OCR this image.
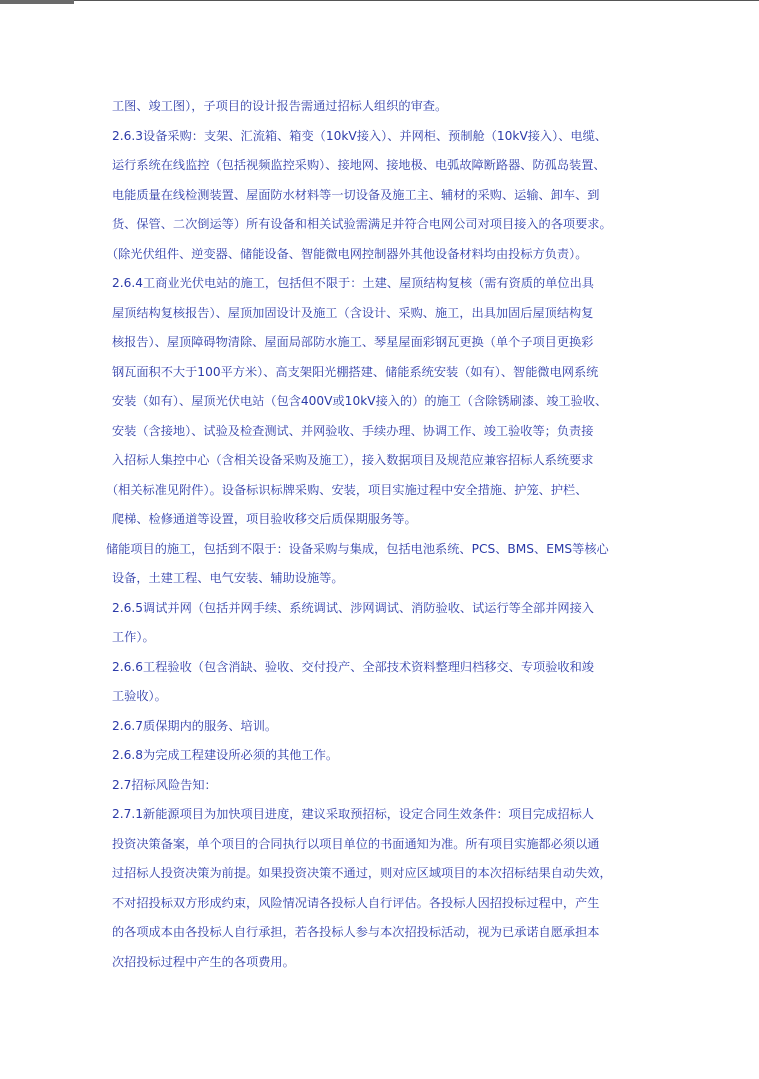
工图、竣工图），子项目的设计报告需通过招标人组织的审查。
2.6.3设备采购：支架、汇流箱、箱变（10kV接入）、并网柜、预制舱（10kV接入）、电缆、
运行系统在线监控（包括视频监控采购）、接地网、接地极、电弧故障断路器、防孤岛装置、
电能质量在线检测装置、屋面防水材料等一切设备及施工主、辅材的采购、运输、卸车、到
货、保管、二次倒运等）所有设备和相关试验需满足并符合电网公司对项目接入的各项要求。
（除光伏组件、逆变器、储能设备、智能微电网控制器外其他设备材料均由投标方负责）。
2.6.4工商业光伏电站的施工，包括但不限于：土建、屋顶结构复核（需有资质的单位出具
屋顶结构复核报告）、屋顶加固设计及施工（含设计、采购、施工，出具加固后屋顶结构复
核报告）、屋顶障碍物清除、屋面局部防水施工、琴星屋面彩钢瓦更换（单个子项目更换彩
钢瓦面积不大于100平方米）、高支架阳光棚搭建、储能系统安装（如有）、智能微电网系统
安装（如有）、屋顶光伏电站（包含400V或10kV接入的）的施工（含除锈刷漆、竣工验收、
安装（含接地）、试验及检查测试、并网验收、手续办理、协调工作、竣工验收等；负责接
入招标人集控中心（含相关设备采购及施工），接入数据项目及规范应兼容招标人系统要求
（相关标准见附件）。设备标识标牌采购、安装，项目实施过程中安全措施、护笼、护栏、
爬梯、检修通道等设置，项目验收移交后质保期服务等。
储能项目的施工，包括到不限于：设备采购与集成，包括电池系统、PCS、BMS、EMS等核心
设备，土建工程、电气安装、辅助设施等。
2.6.5调试并网（包括并网手续、系统调试、涉网调试、消防验收、试运行等全部并网接入
工作）。
2.6.6工程验收（包含消缺、验收、交付投产、全部技术资料整理归档移交、专项验收和竣
工验收）。
2.6.7质保期内的服务、培训。
2.6.8为完成工程建设所必须的其他工作。
2.7招标风险告知：
2.7.1新能源项目为加快项目进度，建议采取预招标，设定合同生效条件：项目完成招标人
投资决策备案，单个项目的合同执行以项目单位的书面通知为准。所有项目实施都必须以通
过招标人投资决策为前提。如果投资决策不通过，则对应区域项目的本次招标结果自动失效，
不对招投标双方形成约束，风险情况请各投标人自行评估。各投标人因招投标过程中，产生
的各项成本由各投标人自行承担，若各投标人参与本次招投标活动，视为已承诺自愿承担本
次招投标过程中产生的各项费用。
